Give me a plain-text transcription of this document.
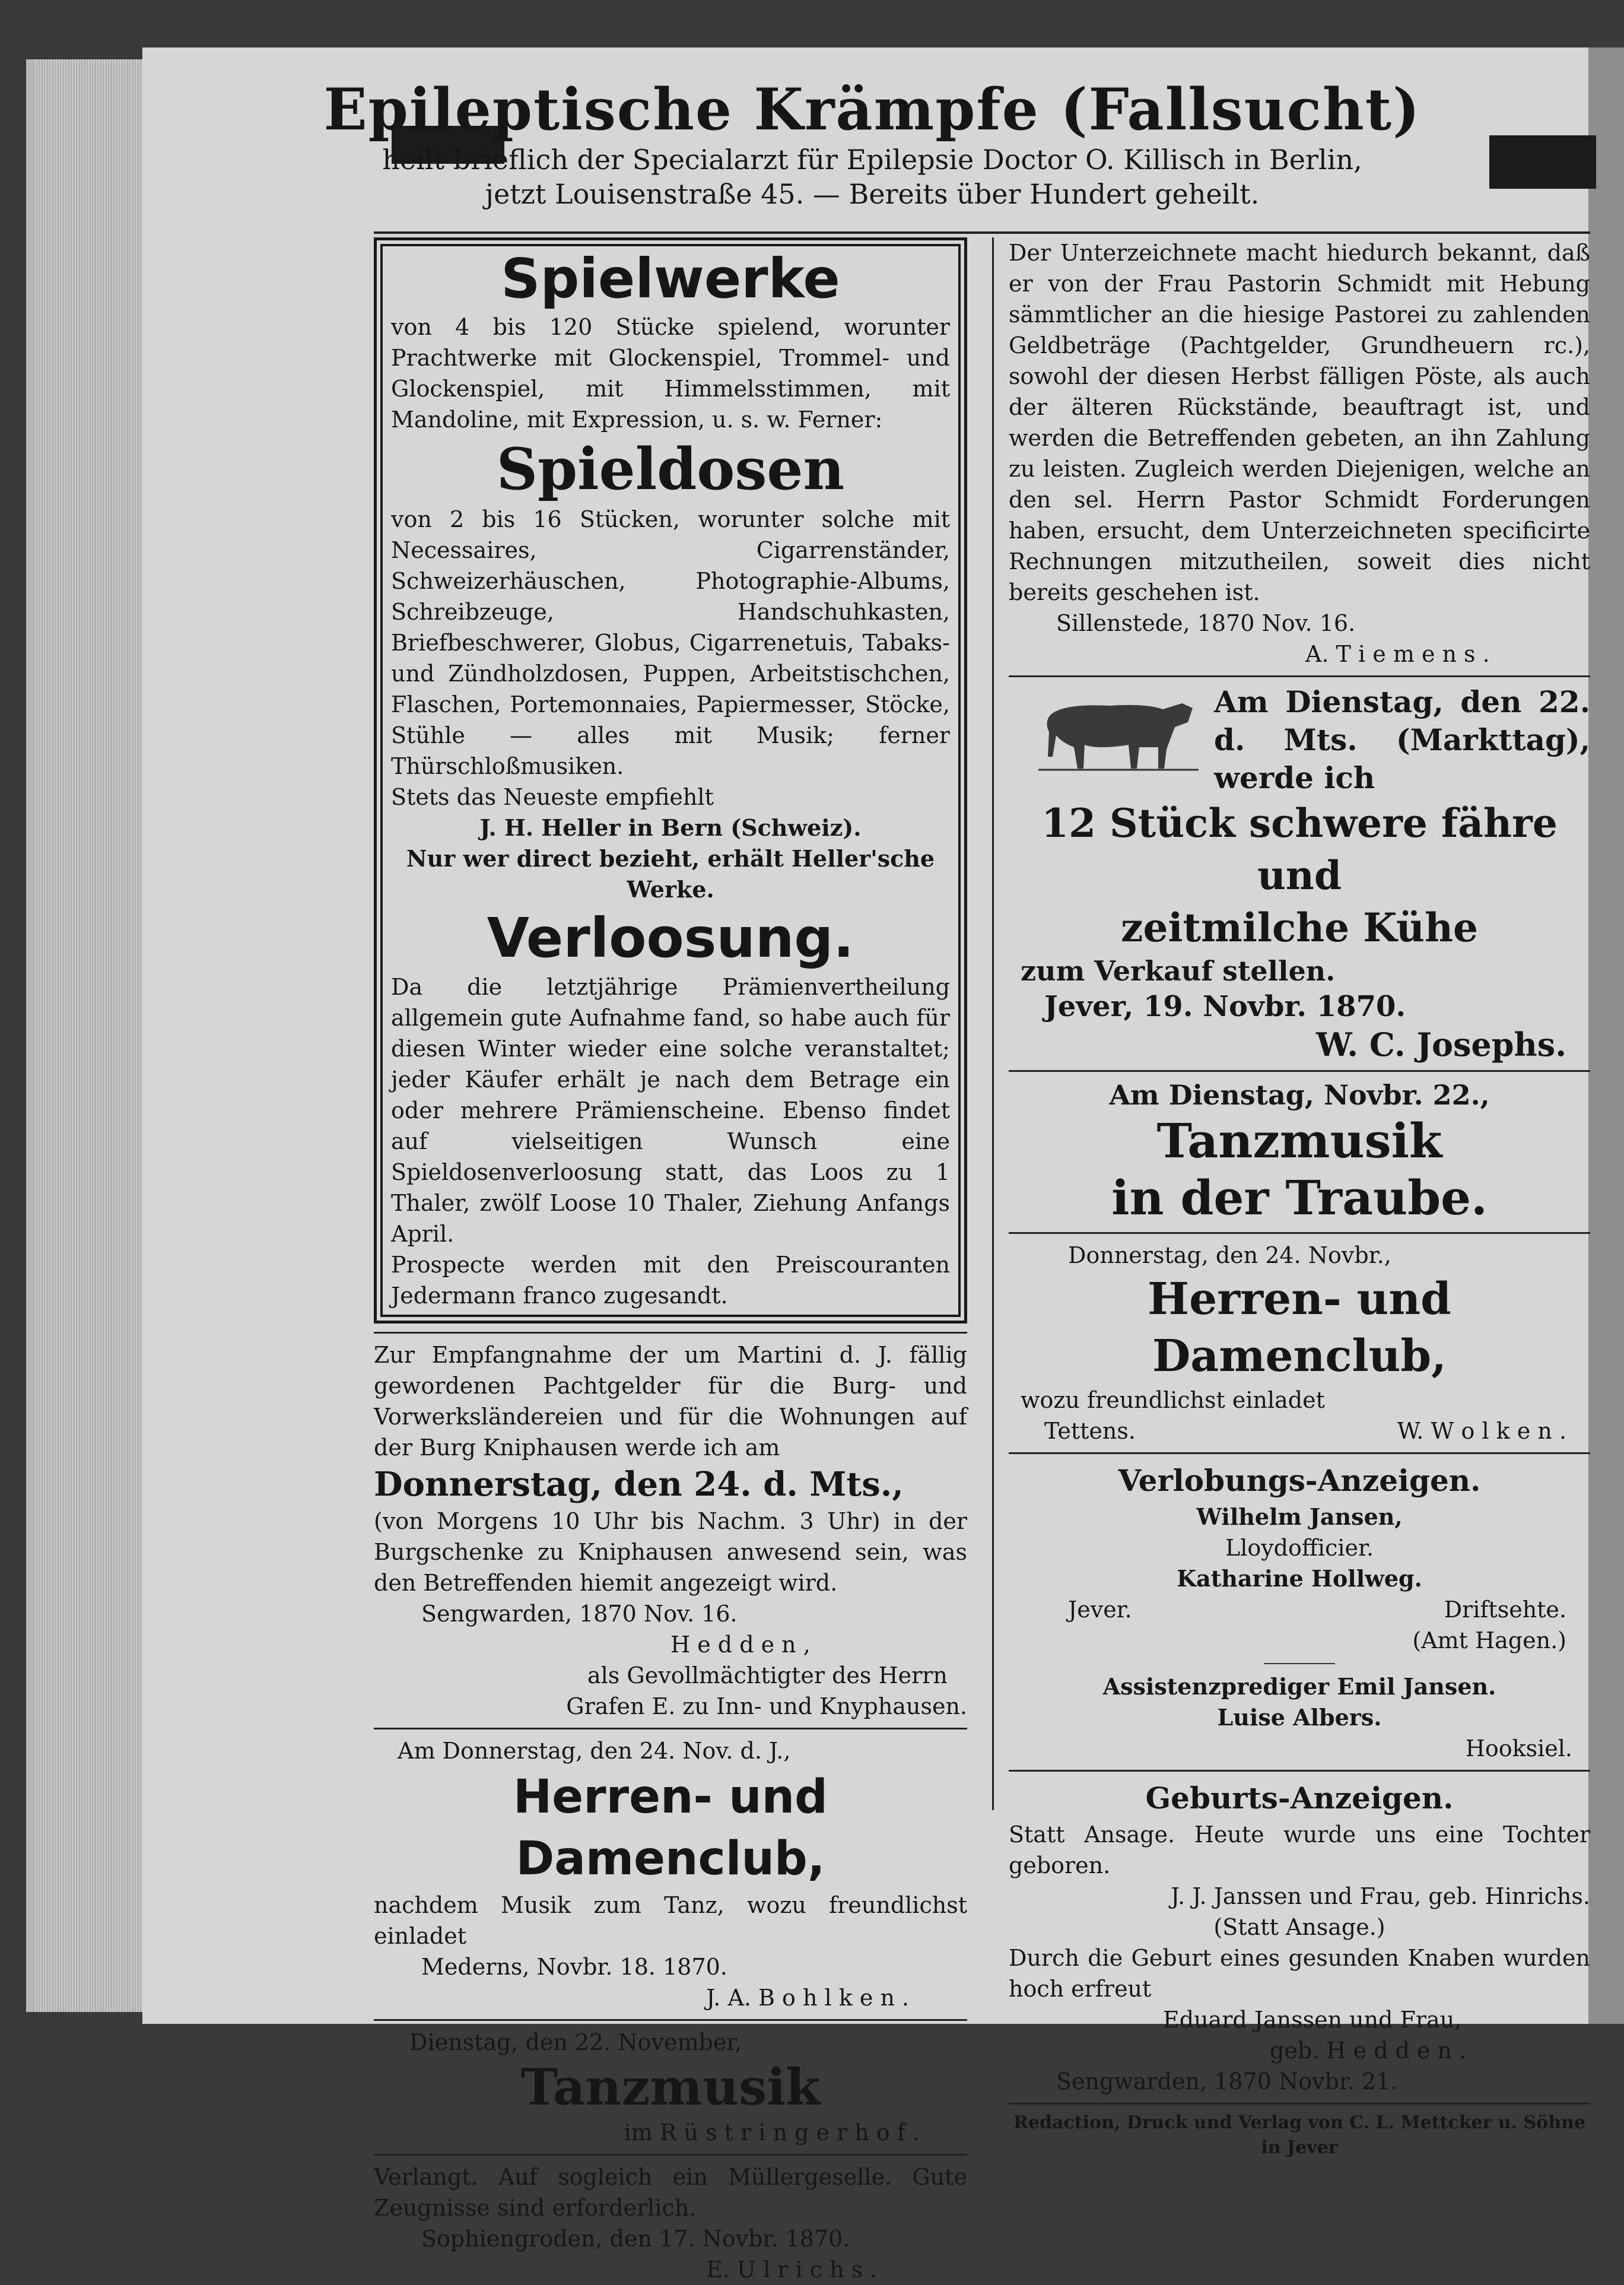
Epileptische Krämpfe (Fallsucht)
heilt brieflich der Specialarzt für Epilepsie Doctor O. Killisch in Berlin,
jetzt Louisenstraße 45. — Bereits über Hundert geheilt.
Spielwerke
von 4 bis 120 Stücke spielend, worunter Prachtwerke mit Glockenspiel, Trommel- und Glockenspiel, mit Himmelsstimmen, mit Mandoline, mit Expression, u. s. w. Ferner:
Spieldosen
von 2 bis 16 Stücken, worunter solche mit Necessaires, Cigarrenständer, Schweizerhäuschen, Photographie-Albums, Schreibzeuge, Handschuhkasten, Briefbeschwerer, Globus, Cigarrenetuis, Tabaks- und Zündholzdosen, Puppen, Arbeitstischchen, Flaschen, Portemonnaies, Papiermesser, Stöcke, Stühle — alles mit Musik; ferner Thürschloßmusiken.
Stets das Neueste empfiehlt
J. H. Heller in Bern (Schweiz).
Nur wer direct bezieht, erhält Heller'sche Werke.
Verloosung.
Da die letztjährige Prämienvertheilung allgemein gute Aufnahme fand, so habe auch für diesen Winter wieder eine solche veranstaltet; jeder Käufer erhält je nach dem Betrage ein oder mehrere Prämienscheine. Ebenso findet auf vielseitigen Wunsch eine Spieldosenverloosung statt, das Loos zu 1 Thaler, zwölf Loose 10 Thaler, Ziehung Anfangs April.
Prospecte werden mit den Preiscouranten Jedermann franco zugesandt.
Zur Empfangnahme der um Martini d. J. fällig gewordenen Pachtgelder für die Burg- und Vorwerksländereien und für die Wohnungen auf der Burg Kniphausen werde ich am
Donnerstag, den 24. d. Mts.,
(von Morgens 10 Uhr bis Nachm. 3 Uhr) in der Burgschenke zu Kniphausen anwesend sein, was den Betreffenden hiemit angezeigt wird.
Sengwarden, 1870 Nov. 16.
H e d d e n ,
als Gevollmächtigter des Herrn
Grafen E. zu Inn- und Knyphausen.
Am Donnerstag, den 24. Nov. d. J.,
Herren- und Damenclub,
nachdem Musik zum Tanz, wozu freundlichst einladet
Mederns, Novbr. 18. 1870.
J. A. B o h l k e n .
Dienstag, den 22. November,
Tanzmusik
im R ü s t r i n g e r h o f .
Verlangt. Auf sogleich ein Müllergeselle. Gute Zeugnisse sind erforderlich.
Sophiengroden, den 17. Novbr. 1870.
E. U l r i c h s .
Der Unterzeichnete macht hiedurch bekannt, daß er von der Frau Pastorin Schmidt mit Hebung sämmtlicher an die hiesige Pastorei zu zahlenden Geldbeträge (Pachtgelder, Grundheuern rc.), sowohl der diesen Herbst fälligen Pöste, als auch der älteren Rückstände, beauftragt ist, und werden die Betreffenden gebeten, an ihn Zahlung zu leisten. Zugleich werden Diejenigen, welche an den sel. Herrn Pastor Schmidt Forderungen haben, ersucht, dem Unterzeichneten specificirte Rechnungen mitzutheilen, soweit dies nicht bereits geschehen ist.
Sillenstede, 1870 Nov. 16.
A. T i e m e n s .
Am Dienstag, den 22. d. Mts. (Markttag), werde ich
12 Stück schwere fähre und
zeitmilche Kühe
zum Verkauf stellen.
Jever, 19. Novbr. 1870.
W. C. Josephs.
Am Dienstag, Novbr. 22.,
Tanzmusik
in der Traube.
Donnerstag, den 24. Novbr.,
Herren- und Damenclub,
wozu freundlichst einladet
Tettens.	W. W o l k e n .
Verlobungs-Anzeigen.
Wilhelm Jansen,
Lloydofficier.
Katharine Hollweg.
Jever.	Driftsehte.
(Amt Hagen.)
Assistenzprediger Emil Jansen.
Luise Albers.
Hooksiel.
Geburts-Anzeigen.
Statt Ansage. Heute wurde uns eine Tochter geboren.
J. J. Janssen und Frau, geb. Hinrichs.
(Statt Ansage.)
Durch die Geburt eines gesunden Knaben wurden hoch erfreut
Eduard Janssen und Frau,
geb. H e d d e n .
Sengwarden, 1870 Novbr. 21.
Redaction, Druck und Verlag von C. L. Mettcker u. Söhne in Jever
